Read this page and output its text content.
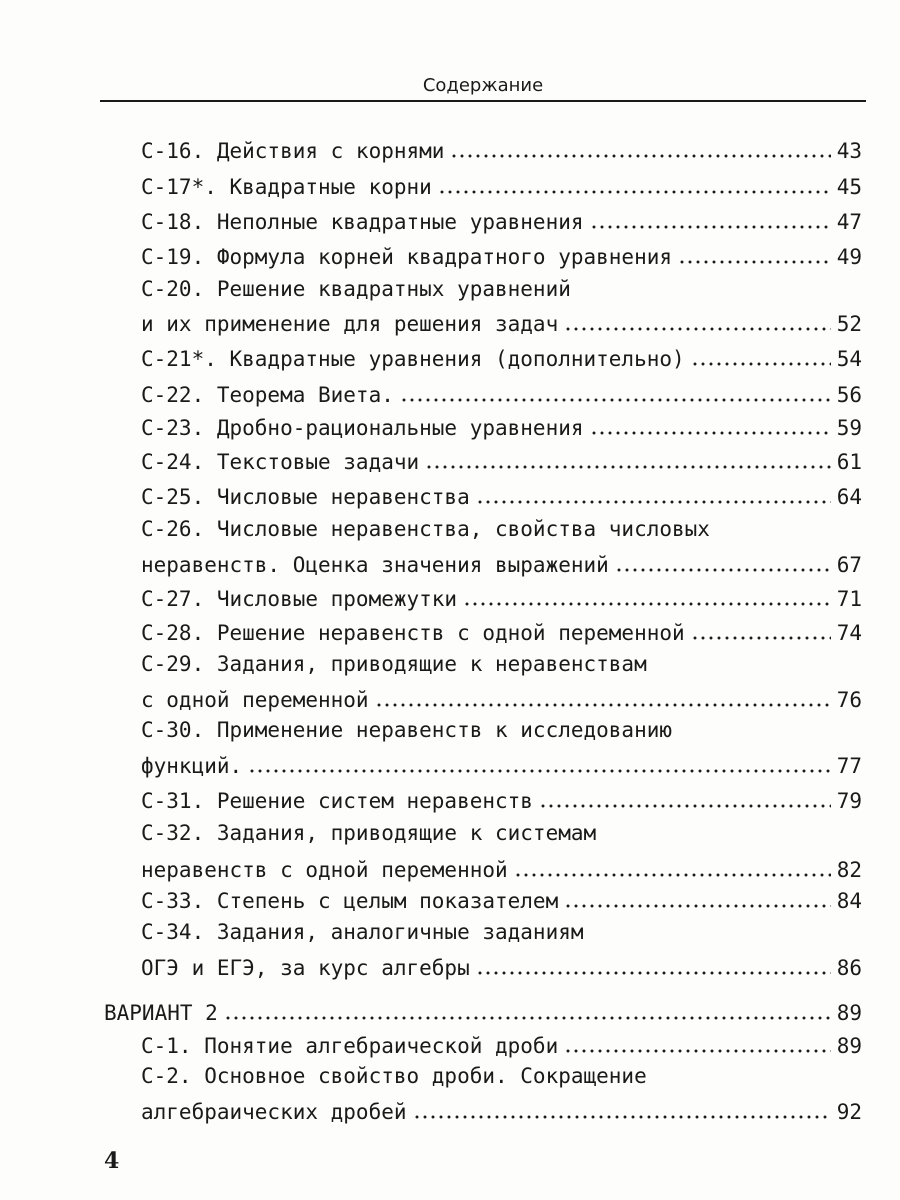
Содержание
С-16. Действия с корнями	43
С-17*. Квадратные корни	45
С-18. Неполные квадратные уравнения	47
С-19. Формула корней квадратного уравнения	49
С-20. Решение квадратных уравнений
и их применение для решения задач	52
С-21*. Квадратные уравнения (дополнительно)	54
С-22. Теорема Виета.	56
С-23. Дробно-рациональные уравнения	59
С-24. Текстовые задачи	61
С-25. Числовые неравенства	64
С-26. Числовые неравенства, свойства числовых
неравенств. Оценка значения выражений	67
С-27. Числовые промежутки	71
С-28. Решение неравенств с одной переменной	74
С-29. Задания, приводящие к неравенствам
с одной переменной	76
С-30. Применение неравенств к исследованию
функций.	77
С-31. Решение систем неравенств	79
С-32. Задания, приводящие к системам
неравенств с одной переменной	82
С-33. Степень с целым показателем	84
С-34. Задания, аналогичные заданиям
ОГЭ и ЕГЭ, за курс алгебры	86
ВАРИАНТ 2	89
С-1. Понятие алгебраической дроби	89
С-2. Основное свойство дроби. Сокращение
алгебраических дробей	92
4
